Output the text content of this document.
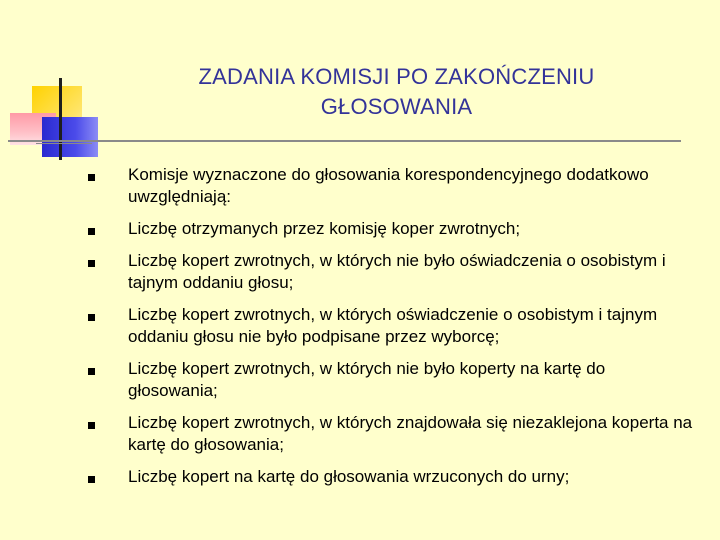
ZADANIA KOMISJI PO ZAKOŃCZENIU
GŁOSOWANIA
Komisje wyznaczone do głosowania korespondencyjnego dodatkowo uwzględniają:
Liczbę otrzymanych przez komisję koper zwrotnych;
Liczbę kopert zwrotnych, w których nie było oświadczenia o osobistym i tajnym oddaniu głosu;
Liczbę kopert zwrotnych, w których oświadczenie o osobistym i tajnym oddaniu głosu nie było podpisane przez wyborcę;
Liczbę kopert zwrotnych, w których nie było koperty na kartę do głosowania;
Liczbę kopert zwrotnych, w których znajdowała się niezaklejona koperta na kartę do głosowania;
Liczbę kopert na kartę do głosowania wrzuconych do urny;
